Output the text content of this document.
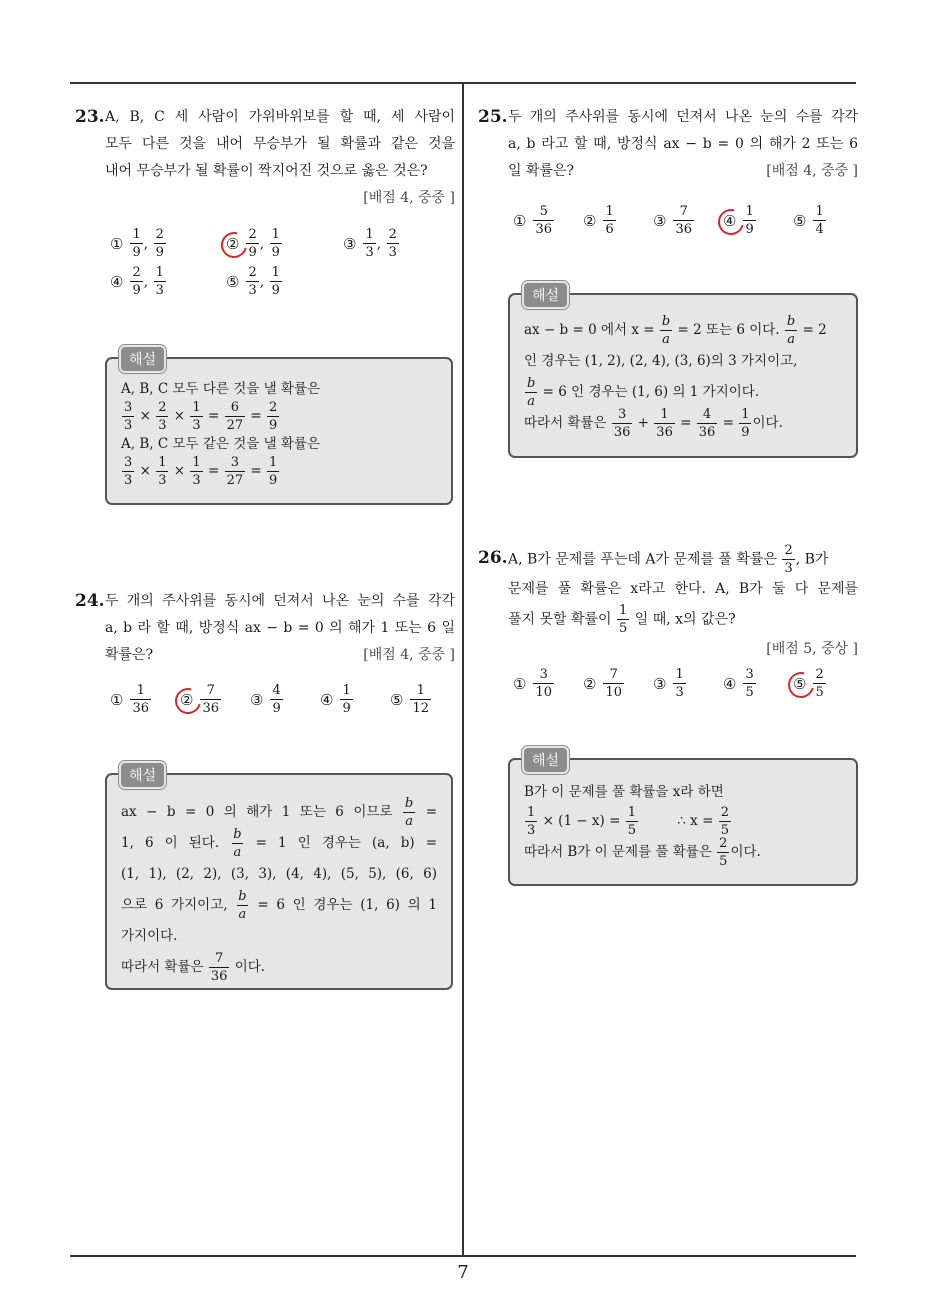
7
23. A, B, C 세 사람이 가위바위보를 할 때, 세 사람이
모두 다른 것을 내어 무승부가 될 확률과 같은 것을
내어 무승부가 될 확률이 짝지어진 것으로 옳은 것은?
[배점 4, 중중 ]
① $\frac{1}{9}$ , $\frac{2}{9}$	② $\frac{2}{9}$ , $\frac{1}{9}$	③ $\frac{1}{3}$ , $\frac{2}{3}$
④ $\frac{2}{9}$ , $\frac{1}{3}$	⑤ $\frac{2}{3}$ , $\frac{1}{9}$
A, B, C 모두 다른 것을 낼 확률은
$\frac{3}{3} \times \frac{2}{3} \times \frac{1}{3} = \frac{6}{27} = \frac{2}{9}$
A, B, C 모두 같은 것을 낼 확률은
$\frac{3}{3} \times \frac{1}{3} \times \frac{1}{3} = \frac{3}{27} = \frac{1}{9}$
해설
24. 두 개의 주사위를 동시에 던져서 나온 눈의 수를 각각
a, b 라 할 때, 방정식 ax − b = 0 의 해가 1 또는 6 일
확률은?	[배점 4, 중중 ]
① $\frac{1}{36}$ ② $\frac{7}{36}$ ③ $\frac{4}{9}$ ④ $\frac{1}{9}$ ⑤ $\frac{1}{12}$
ax − b = 0 의 해가 1 또는 6 이므로 $\frac{b}{a}$ =
1, 6 이 된다. $\frac{b}{a} = 1$ 인 경우는 (a, b) =
(1, 1), (2, 2), (3, 3), (4, 4), (5, 5), (6, 6)
으로 6 가지이고, $\frac{b}{a} = 6$ 인 경우는 (1, 6) 의 1
가지이다.
따라서 확률은 $\frac{7}{36}$ 이다.
해설
25. 두 개의 주사위를 동시에 던져서 나온 눈의 수를 각각
a, b 라고 할 때, 방정식 ax − b = 0 의 해가 2 또는 6
일 확률은?	[배점 4, 중중 ]
① $\frac{5}{36}$ ② $\frac{1}{6}$ ③ $\frac{7}{36}$ ④ $\frac{1}{9}$ ⑤ $\frac{1}{4}$
ax − b = 0 에서 $x = \frac{b}{a} = 2$ 또는 6 이다. $\frac{b}{a} = 2$
인 경우는 (1, 2), (2, 4), (3, 6)의 3 가지이고,
$\frac{b}{a} = 6$ 인 경우는 (1, 6) 의 1 가지이다.
따라서 확률은 $\frac{3}{36} + \frac{1}{36} = \frac{4}{36} = \frac{1}{9}$ 이다.
해설
26. A, B가 문제를 푸는데 A가 문제를 풀 확률은 $\frac{2}{3}$ , B가
문제를 풀 확률은 x라고 한다. A, B가 둘 다 문제를
풀지 못할 확률이 $\frac{1}{5}$ 일 때, x의 값은?
[배점 5, 중상 ]
① $\frac{3}{10}$ ② $\frac{7}{10}$ ③ $\frac{1}{3}$ ④ $\frac{3}{5}$ ⑤ $\frac{2}{5}$
B가 이 문제를 풀 확률을 x라 하면
$\frac{1}{3} \times (1 - x) = \frac{1}{5}$	∴ $x = \frac{2}{5}$
따라서 B가 이 문제를 풀 확률은 $\frac{2}{5}$ 이다.
해설
